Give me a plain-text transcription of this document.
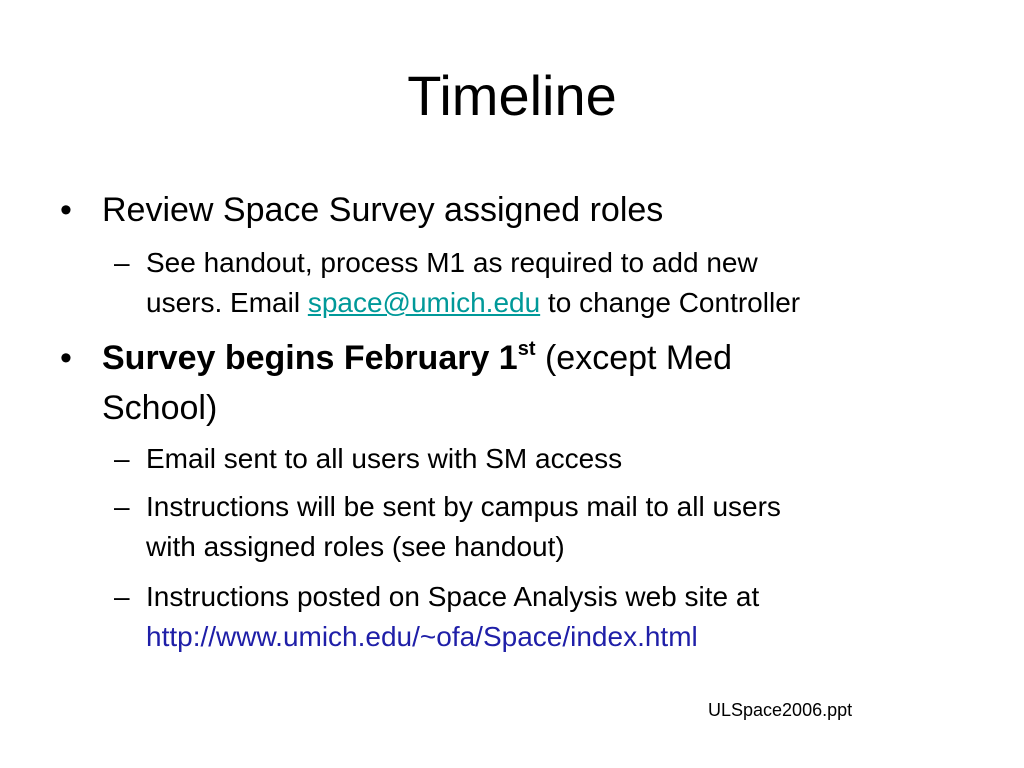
Timeline
• Review Space Survey assigned roles
– See handout, process M1 as required to add new
users. Email space@umich.edu to change Controller
• Survey begins February 1st (except Med
School)
– Email sent to all users with SM access
– Instructions will be sent by campus mail to all users
with assigned roles (see handout)
– Instructions posted on Space Analysis web site at
http://www.umich.edu/~ofa/Space/index.html
ULSpace2006.ppt
